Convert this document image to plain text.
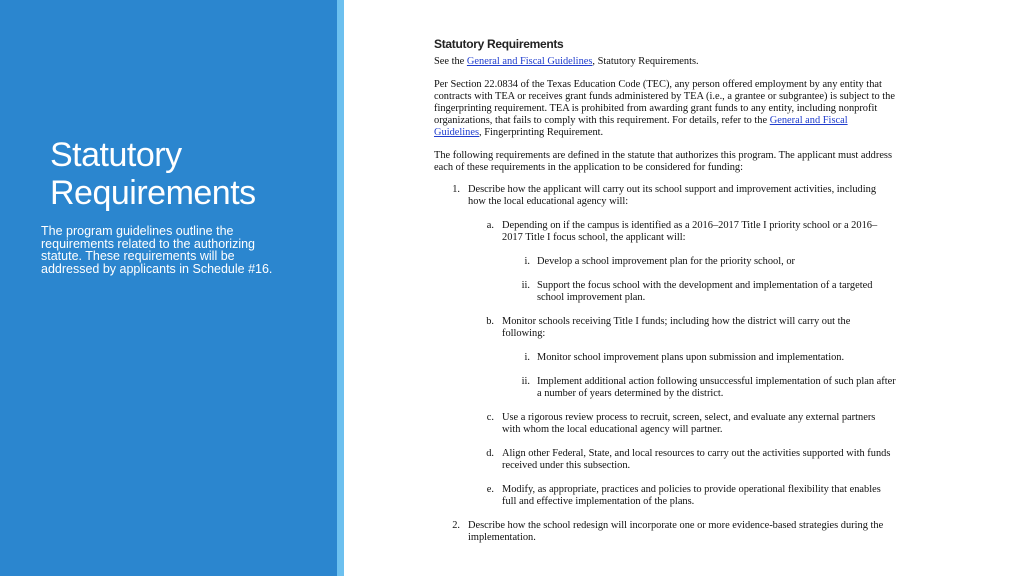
Statutory
Requirements

The program guidelines outline the requirements related to the authorizing statute. These requirements will be addressed by applicants in Schedule #16.

Statutory Requirements

See the General and Fiscal Guidelines, Statutory Requirements.

Per Section 22.0834 of the Texas Education Code (TEC), any person offered employment by any entity that contracts with TEA or receives grant funds administered by TEA (i.e., a grantee or subgrantee) is subject to the fingerprinting requirement. TEA is prohibited from awarding grant funds to any entity, including nonprofit organizations, that fails to comply with this requirement. For details, refer to the General and Fiscal Guidelines, Fingerprinting Requirement.

The following requirements are defined in the statute that authorizes this program. The applicant must address each of these requirements in the application to be considered for funding:

1. Describe how the applicant will carry out its school support and improvement activities, including how the local educational agency will:
a. Depending on if the campus is identified as a 2016–2017 Title I priority school or a 2016–2017 Title I focus school, the applicant will:
i. Develop a school improvement plan for the priority school, or
ii. Support the focus school with the development and implementation of a targeted school improvement plan.
b. Monitor schools receiving Title I funds; including how the district will carry out the following:
i. Monitor school improvement plans upon submission and implementation.
ii. Implement additional action following unsuccessful implementation of such plan after a number of years determined by the district.
c. Use a rigorous review process to recruit, screen, select, and evaluate any external partners with whom the local educational agency will partner.
d. Align other Federal, State, and local resources to carry out the activities supported with funds received under this subsection.
e. Modify, as appropriate, practices and policies to provide operational flexibility that enables full and effective implementation of the plans.
2. Describe how the school redesign will incorporate one or more evidence-based strategies during the implementation.
